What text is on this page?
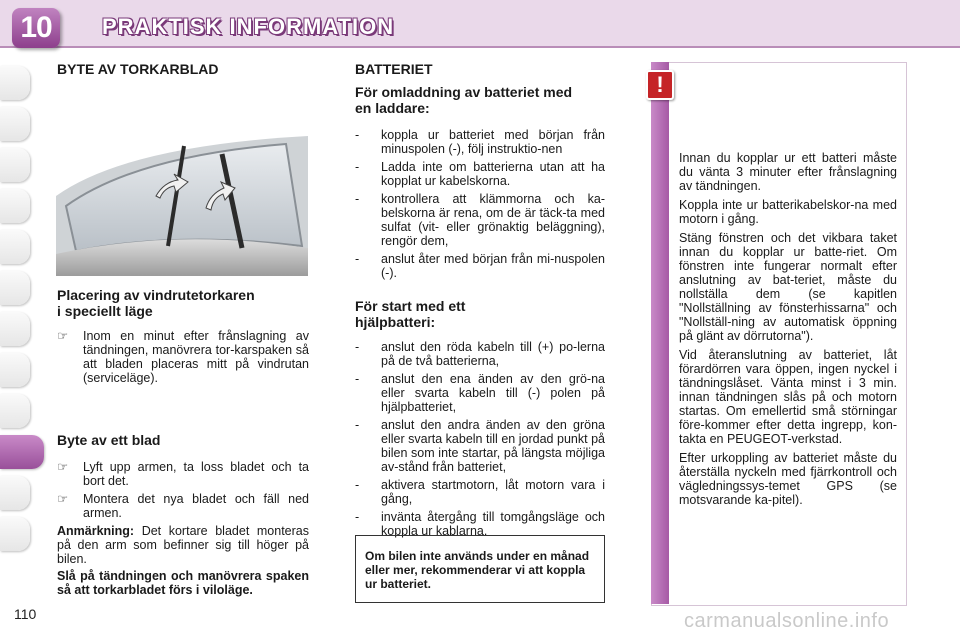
10	PRAKTISK INFORMATION
110
BYTE AV TORKARBLAD
Placering av vindrutetorkaren
i speciellt läge
☞ Inom en minut efter frånslagning av tändningen, manövrera tor-karspaken så att bladen placeras mitt på vindrutan (serviceläge).
Byte av ett blad
☞ Lyft upp armen, ta loss bladet och ta bort det.
☞ Montera det nya bladet och fäll ned armen.

Anmärkning: Det kortare bladet monteras på den arm som befinner sig till höger på bilen.

Slå på tändningen och manövrera spaken så att torkarbladet förs i viloläge.

BATTERIET
För omladdning av batteriet med en laddare:
- koppla ur batteriet med början från minuspolen (-), följ instruktio-nen
- Ladda inte om batterierna utan att ha kopplat ur kabelskorna.
- kontrollera att klämmorna och ka-belskorna är rena, om de är täck-ta med sulfat (vit- eller grönaktig beläggning), rengör dem,
- anslut åter med början från mi-nuspolen (-).
För start med ett hjälpbatteri:
- anslut den röda kabeln till (+) po-lerna på de två batterierna,
- anslut den ena änden av den grö-na eller svarta kabeln till (-) polen på hjälpbatteriet,
- anslut den andra änden av den gröna eller svarta kabeln till en jordad punkt på bilen som inte startar, på längsta möjliga av-stånd från batteriet,
- aktivera startmotorn, låt motorn vara i gång,
- invänta återgång till tomgångsläge och koppla ur kablarna.
Om bilen inte används under en månad eller mer, rekommenderar vi att koppla ur batteriet.
!

Innan du kopplar ur ett batteri måste du vänta 3 minuter efter frånslagning av tändningen.

Koppla inte ur batterikabelskor-na med motorn i gång.

Stäng fönstren och det vikbara taket innan du kopplar ur batte-riet. Om fönstren inte fungerar normalt efter anslutning av bat-teriet, måste du nollställa dem (se kapitlen "Nollställning av fönsterhissarna" och "Nollställ-ning av automatisk öppning på glänt av dörrutorna").

Vid återanslutning av batteriet, låt förardörren vara öppen, ingen nyckel i tändningslåset. Vänta minst i 3 min. innan tändningen slås på och motorn startas. Om emellertid små störningar före-kommer efter detta ingrepp, kon-takta en PEUGEOT-verkstad.

Efter urkoppling av batteriet måste du återställa nyckeln med fjärrkontroll och vägledningssys-temet GPS (se motsvarande ka-pitel).

carmanualsonline.info
